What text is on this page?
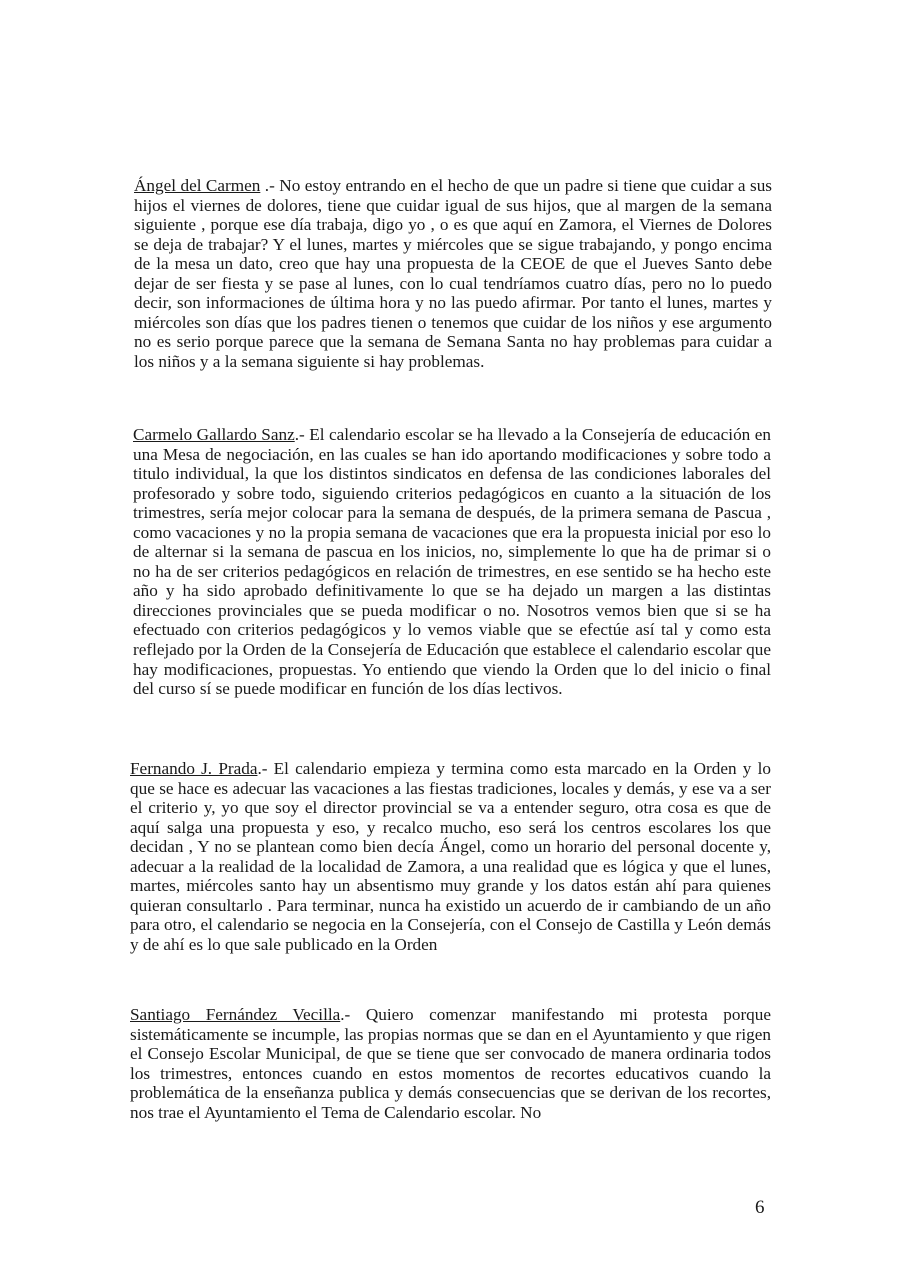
Ángel del Carmen .- No estoy entrando en el hecho de que un padre si tiene que cuidar a sus hijos el viernes de dolores, tiene que cuidar igual de sus hijos, que al margen de la semana siguiente , porque ese día trabaja, digo yo , o es que aquí en Zamora, el Viernes de Dolores se deja de trabajar? Y el lunes, martes y miércoles que se sigue trabajando, y pongo encima de la mesa un dato, creo que hay una propuesta de la CEOE de que el Jueves Santo debe dejar de ser fiesta y se pase al lunes, con lo cual tendríamos cuatro días, pero no lo puedo decir, son informaciones de última hora y no las puedo afirmar. Por tanto el lunes, martes y miércoles son días que los padres tienen o tenemos que cuidar de los niños y ese argumento no es serio porque parece que la semana de Semana Santa no hay problemas para cuidar a los niños y a la semana siguiente si hay problemas.

Carmelo Gallardo Sanz.- El calendario escolar se ha llevado a la Consejería de educación en una Mesa de negociación, en las cuales se han ido aportando modificaciones y sobre todo a titulo individual, la que los distintos sindicatos en defensa de las condiciones laborales del profesorado y sobre todo, siguiendo criterios pedagógicos en cuanto a la situación de los trimestres, sería mejor colocar para la semana de después, de la primera semana de Pascua , como vacaciones y no la propia semana de vacaciones que era la propuesta inicial por eso lo de alternar si la semana de pascua en los inicios, no, simplemente lo que ha de primar si o no ha de ser criterios pedagógicos en relación de trimestres, en ese sentido se ha hecho este año y ha sido aprobado definitivamente lo que se ha dejado un margen a las distintas direcciones provinciales que se pueda modificar o no. Nosotros vemos bien que si se ha efectuado con criterios pedagógicos y lo vemos viable que se efectúe así tal y como esta reflejado por la Orden de la Consejería de Educación que establece el calendario escolar que hay modificaciones, propuestas. Yo entiendo que viendo la Orden que lo del inicio o final del curso sí se puede modificar en función de los días lectivos.

Fernando J. Prada.- El calendario empieza y termina como esta marcado en la Orden y lo que se hace es adecuar las vacaciones a las fiestas tradiciones, locales y demás, y ese va a ser el criterio y, yo que soy el director provincial se va a entender seguro, otra cosa es que de aquí salga una propuesta y eso, y recalco mucho, eso será los centros escolares los que decidan , Y no se plantean como bien decía Ángel, como un horario del personal docente y, adecuar a la realidad de la localidad de Zamora, a una realidad que es lógica y que el lunes, martes, miércoles santo hay un absentismo muy grande y los datos están ahí para quienes quieran consultarlo . Para terminar, nunca ha existido un acuerdo de ir cambiando de un año para otro, el calendario se negocia en la Consejería, con el Consejo de Castilla y León demás y de ahí es lo que sale publicado en la Orden

Santiago Fernández Vecilla.- Quiero comenzar manifestando mi protesta porque sistemáticamente se incumple, las propias normas que se dan en el Ayuntamiento y que rigen el Consejo Escolar Municipal, de que se tiene que ser convocado de manera ordinaria todos los trimestres, entonces cuando en estos momentos de recortes educativos cuando la problemática de la enseñanza publica y demás consecuencias que se derivan de los recortes, nos trae el Ayuntamiento el Tema de Calendario escolar. No

6
